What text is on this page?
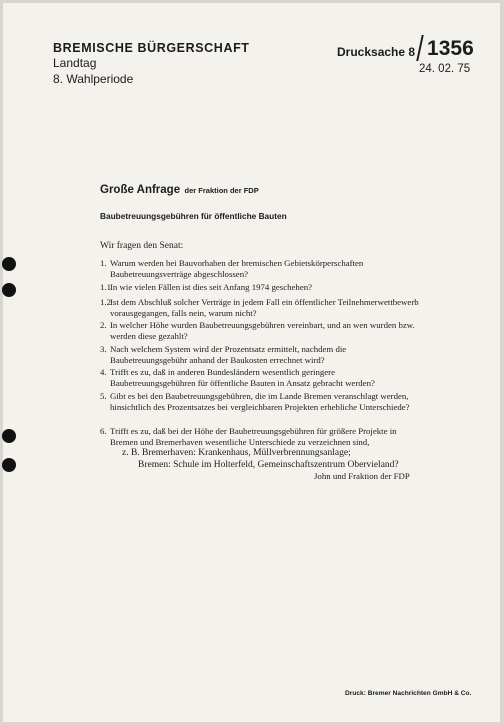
BREMISCHE BÜRGERSCHAFT
Landtag
8. Wahlperiode
Drucksache 8 1356
24. 02. 75
Große Anfrage der Fraktion der FDP
Baubetreuungsgebühren für öffentliche Bauten
Wir fragen den Senat:
1. Warum werden bei Bauvorhaben der bremischen Gebietskörperschaften Baubetreuungsverträge abgeschlossen?
1.1 In wie vielen Fällen ist dies seit Anfang 1974 geschehen?
1.2 Ist dem Abschluß solcher Verträge in jedem Fall ein öffentlicher Teilnehmerwettbewerb vorausgegangen, falls nein, warum nicht?
2. In welcher Höhe wurden Baubetreuungsgebühren vereinbart, und an wen wurden bzw. werden diese gezahlt?
3. Nach welchem System wird der Prozentsatz ermittelt, nachdem die Baubetreuungsgebühr anhand der Baukosten errechnet wird?
4. Trifft es zu, daß in anderen Bundesländern wesentlich geringere Baubetreuungsgebühren für öffentliche Bauten in Ansatz gebracht werden?
5. Gibt es bei den Baubetreuungsgebühren, die im Lande Bremen veranschlagt werden, hinsichtlich des Prozentsatzes bei vergleichbaren Projekten erhebliche Unterschiede?
6. Trifft es zu, daß bei der Höhe der Baubetreuungsgebühren für größere Projekte in Bremen und Bremerhaven wesentliche Unterschiede zu verzeichnen sind,
z. B. Bremerhaven: Krankenhaus, Müllverbrennungsanlage;
Bremen: Schule im Holterfeld, Gemeinschaftszentrum Obervieland?
John und Fraktion der FDP
Druck: Bremer Nachrichten GmbH & Co.
